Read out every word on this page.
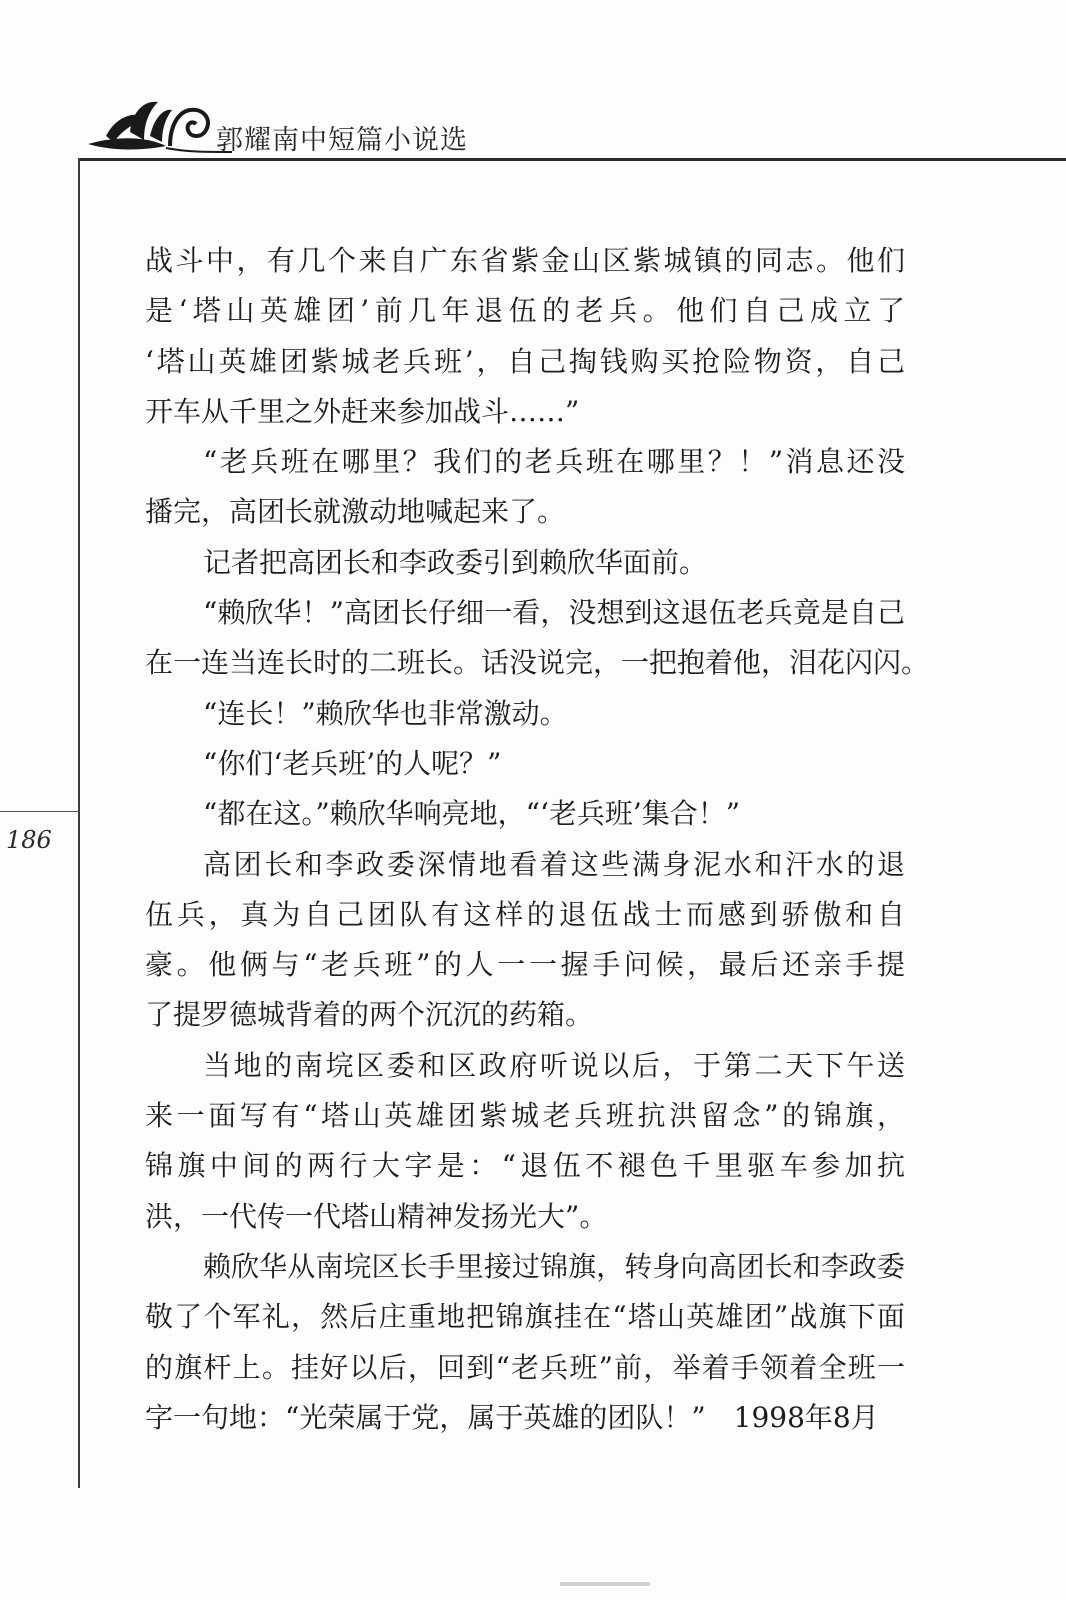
郭耀南中短篇小说选
186
战斗中，有几个来自广东省紫金山区紫城镇的同志。他们
是‘塔山英雄团’前几年退伍的老兵。他们自己成立了
‘塔山英雄团紫城老兵班’，自己掏钱购买抢险物资，自己
开车从千里之外赶来参加战斗……”
“老兵班在哪里？我们的老兵班在哪里？！”消息还没
播完，高团长就激动地喊起来了。
记者把高团长和李政委引到赖欣华面前。
“赖欣华！”高团长仔细一看，没想到这退伍老兵竟是自己
在一连当连长时的二班长。话没说完，一把抱着他，泪花闪闪。
“连长！”赖欣华也非常激动。
“你们‘老兵班’的人呢？”
“都在这。”赖欣华响亮地，“‘老兵班’集合！”
高团长和李政委深情地看着这些满身泥水和汗水的退
伍兵，真为自己团队有这样的退伍战士而感到骄傲和自
豪。他俩与“老兵班”的人一一握手问候，最后还亲手提
了提罗德城背着的两个沉沉的药箱。
当地的南垸区委和区政府听说以后，于第二天下午送
来一面写有“塔山英雄团紫城老兵班抗洪留念”的锦旗，
锦旗中间的两行大字是：“退伍不褪色千里驱车参加抗
洪，一代传一代塔山精神发扬光大”。
赖欣华从南垸区长手里接过锦旗，转身向高团长和李政委
敬了个军礼，然后庄重地把锦旗挂在“塔山英雄团”战旗下面
的旗杆上。挂好以后，回到“老兵班”前，举着手领着全班一
字一句地：“光荣属于党，属于英雄的团队！”　1998年8月
